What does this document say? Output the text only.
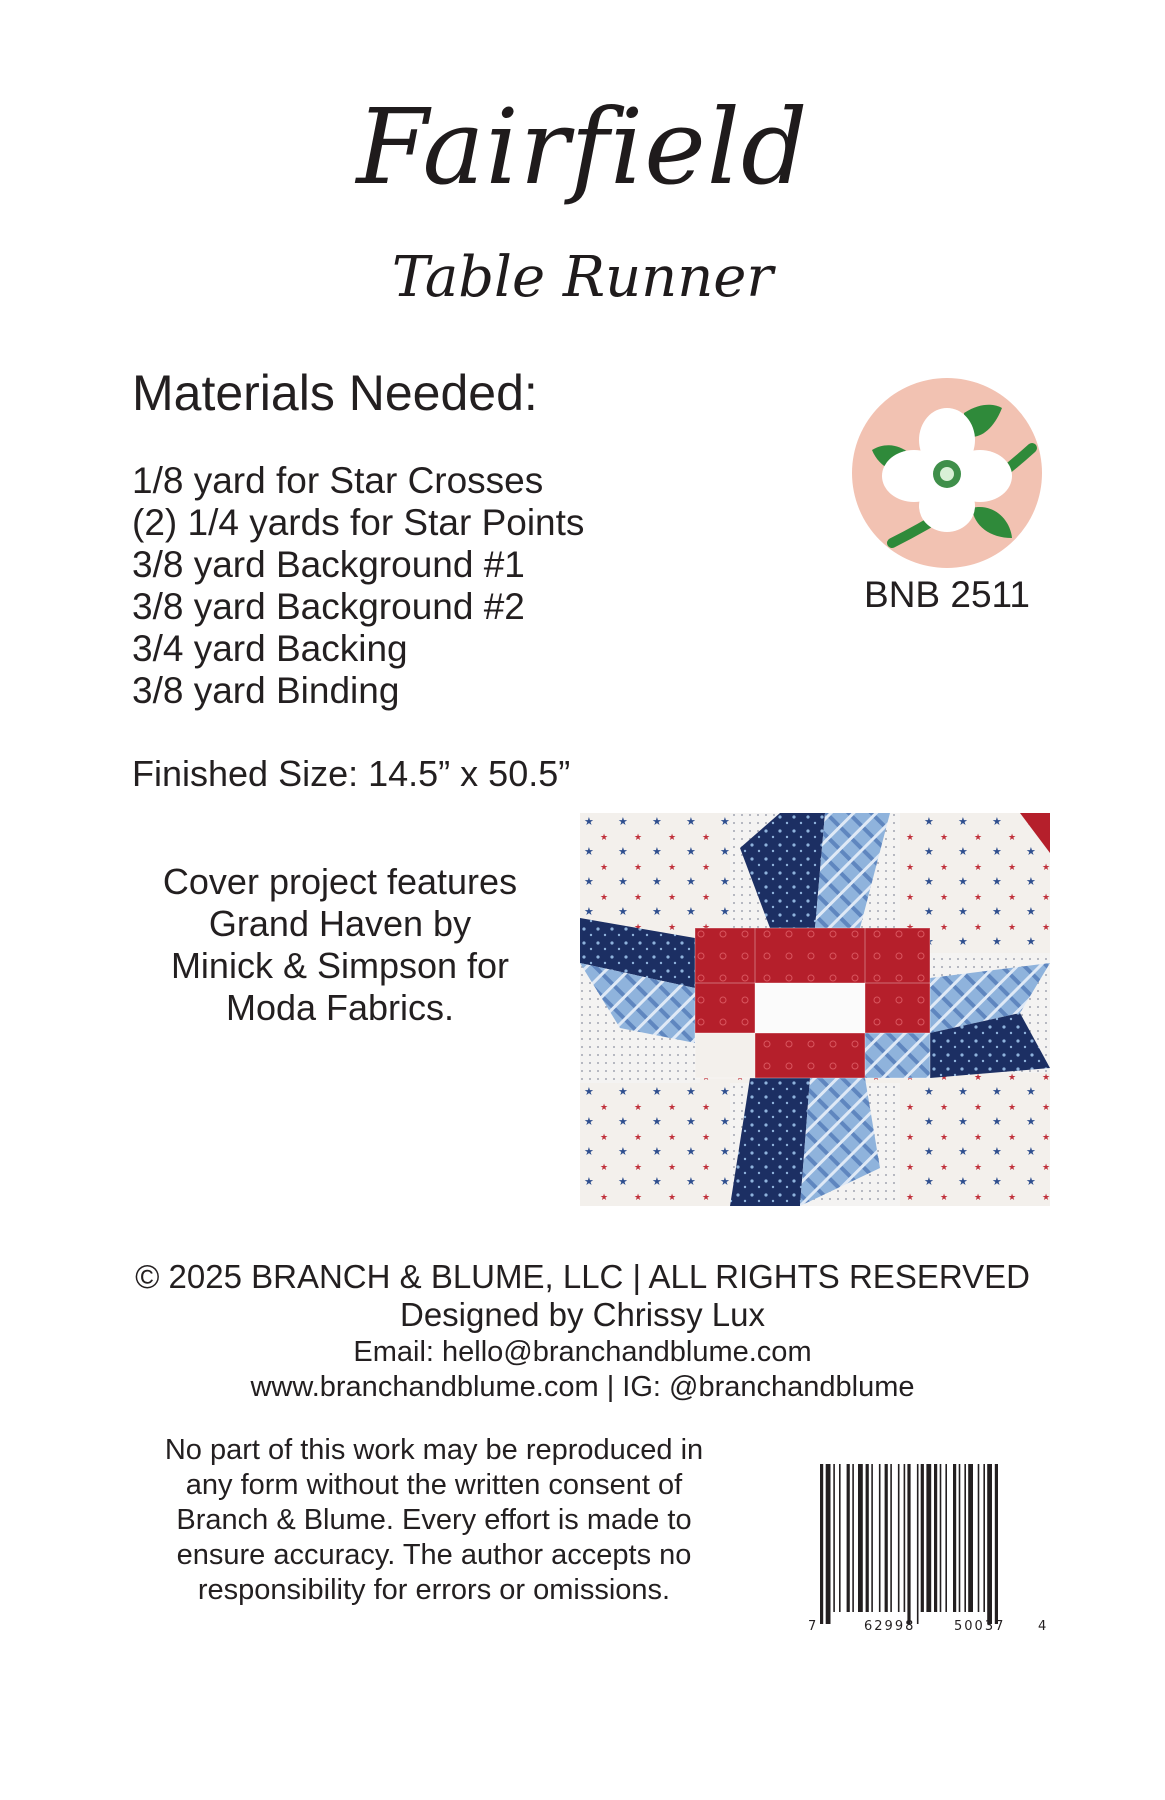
Fairfield
Table Runner
Materials Needed:
1/8 yard for Star Crosses
(2) 1/4 yards for Star Points
3/8 yard Background #1
3/8 yard Background #2
3/4 yard Backing
3/8 yard Binding
Finished Size: 14.5” x 50.5”
BNB 2511
Cover project features
Grand Haven by
Minick & Simpson for
Moda Fabrics.
© 2025 BRANCH & BLUME, LLC | ALL RIGHTS RESERVED
Designed by Chrissy Lux
Email: hello@branchandblume.com
www.branchandblume.com | IG: @branchandblume
No part of this work may be reproduced in
any form without the written consent of
Branch & Blume. Every effort is made to
ensure accuracy. The author accepts no
responsibility for errors or omissions.
7	62998	50037	4
